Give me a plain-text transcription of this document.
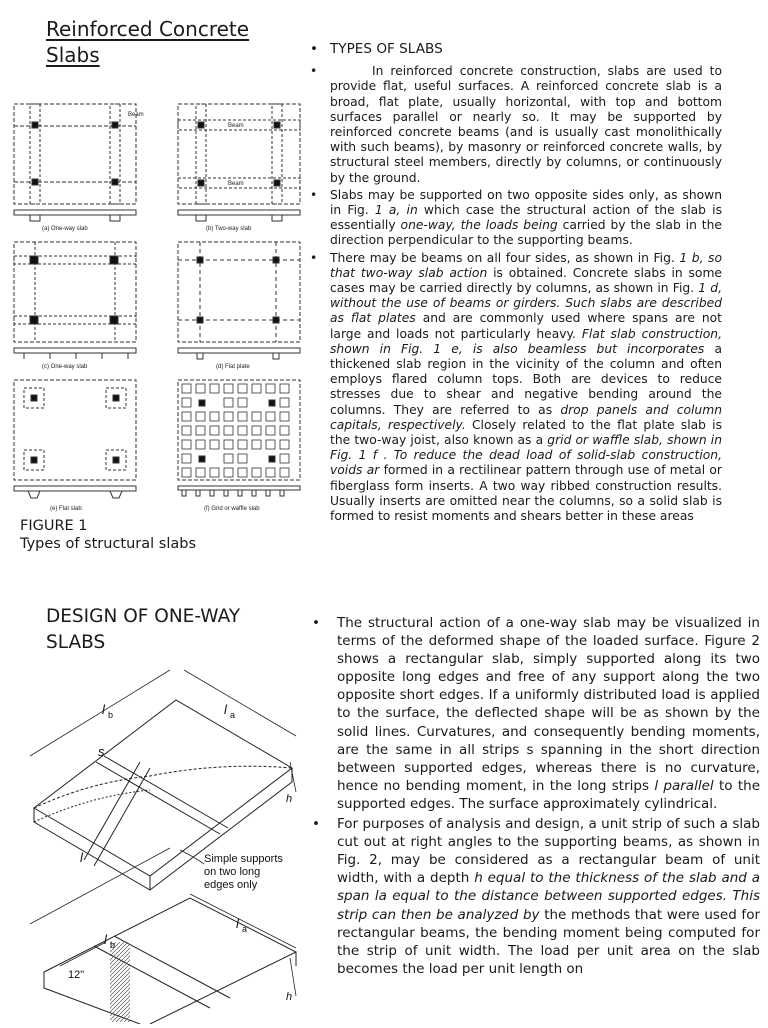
Reinforced Concrete Slabs
Beam
Beam
Beam
(a) One-way slab	(b) Two-way slab
(c) One-way slab	(d) Flat plate
(e) Flat slab	(f) Grid or waffle slab
FIGURE 1
Types of structural slabs
• TYPES OF SLABS
•	In reinforced concrete construction, slabs are used to provide flat, useful surfaces. A reinforced concrete slab is a broad, flat plate, usually horizontal, with top and bottom surfaces parallel or nearly so. It may be supported by reinforced concrete beams (and is usually cast monolithically with such beams), by masonry or reinforced concrete walls, by structural steel members, directly by columns, or continuously by the ground.
• Slabs may be supported on two opposite sides only, as shown in Fig. 1 a, in which case the structural action of the slab is essentially one-way, the loads being carried by the slab in the direction perpendicular to the supporting beams.
• There may be beams on all four sides, as shown in Fig. 1 b, so that two-way slab action is obtained. Concrete slabs in some cases may be carried directly by columns, as shown in Fig. 1 d, without the use of beams or girders. Such slabs are described as flat plates and are commonly used where spans are not large and loads not particularly heavy. Flat slab construction, shown in Fig. 1 e, is also beamless but incorporates a thickened slab region in the vicinity of the column and often employs flared column tops. Both are devices to reduce stresses due to shear and negative bending around the columns. They are referred to as drop panels and column capitals, respectively. Closely related to the flat plate slab is the two-way joist, also known as a grid or waffle slab, shown in Fig. 1 f . To reduce the dead load of solid-slab construction, voids ar formed in a rectilinear pattern through use of metal or fiberglass form inserts. A two way ribbed construction results. Usually inserts are omitted near the columns, so a solid slab is formed to resist moments and shears better in these areas
DESIGN OF ONE-WAY SLABS
l b	l a
s
l
h
Simple supports
on two long
edges only
l b
l a
12"
h
• The structural action of a one-way slab may be visualized in terms of the deformed shape of the loaded surface. Figure 2 shows a rectangular slab, simply supported along its two opposite long edges and free of any support along the two opposite short edges. If a uniformly distributed load is applied to the surface, the deflected shape will be as shown by the solid lines. Curvatures, and consequently bending moments, are the same in all strips s spanning in the short direction between supported edges, whereas there is no curvature, hence no bending moment, in the long strips l parallel to the supported edges. The surface approximately cylindrical.
• For purposes of analysis and design, a unit strip of such a slab cut out at right angles to the supporting beams, as shown in Fig. 2, may be considered as a rectangular beam of unit width, with a depth h equal to the thickness of the slab and a span la equal to the distance between supported edges. This strip can then be analyzed by the methods that were used for rectangular beams, the bending moment being computed for the strip of unit width. The load per unit area on the slab becomes the load per unit length on
